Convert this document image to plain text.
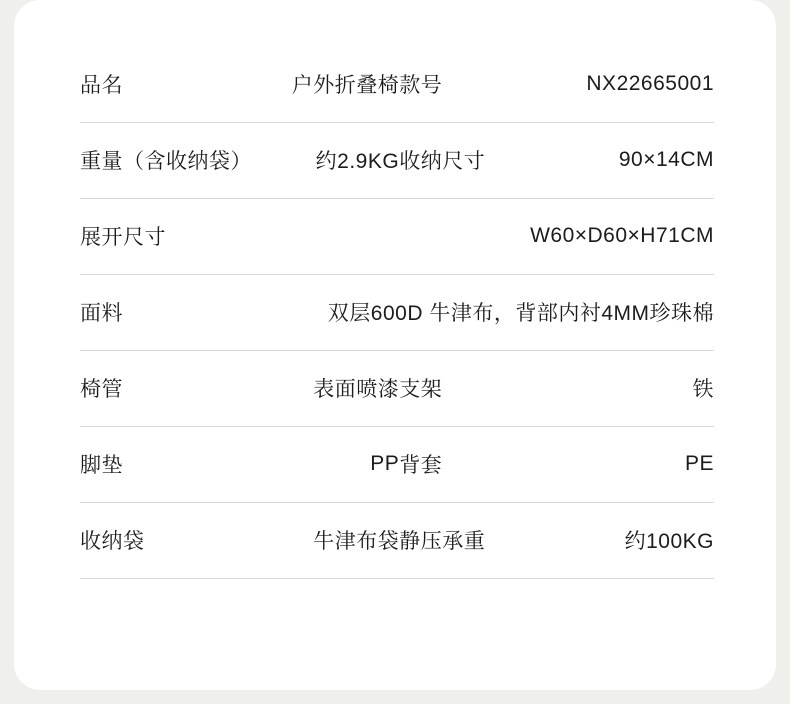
品名	户外折叠椅	款号	NX22665001
重量（含收纳袋）	约2.9KG	收纳尺寸	90×14CM
展开尺寸	W60×D60×H71CM		
面料	双层600D 牛津布，背部内衬4MM珍珠棉		
椅管	表面喷漆	支架	铁
脚垫	PP	背套	PE
收纳袋	牛津布袋	静压承重	约100KG
